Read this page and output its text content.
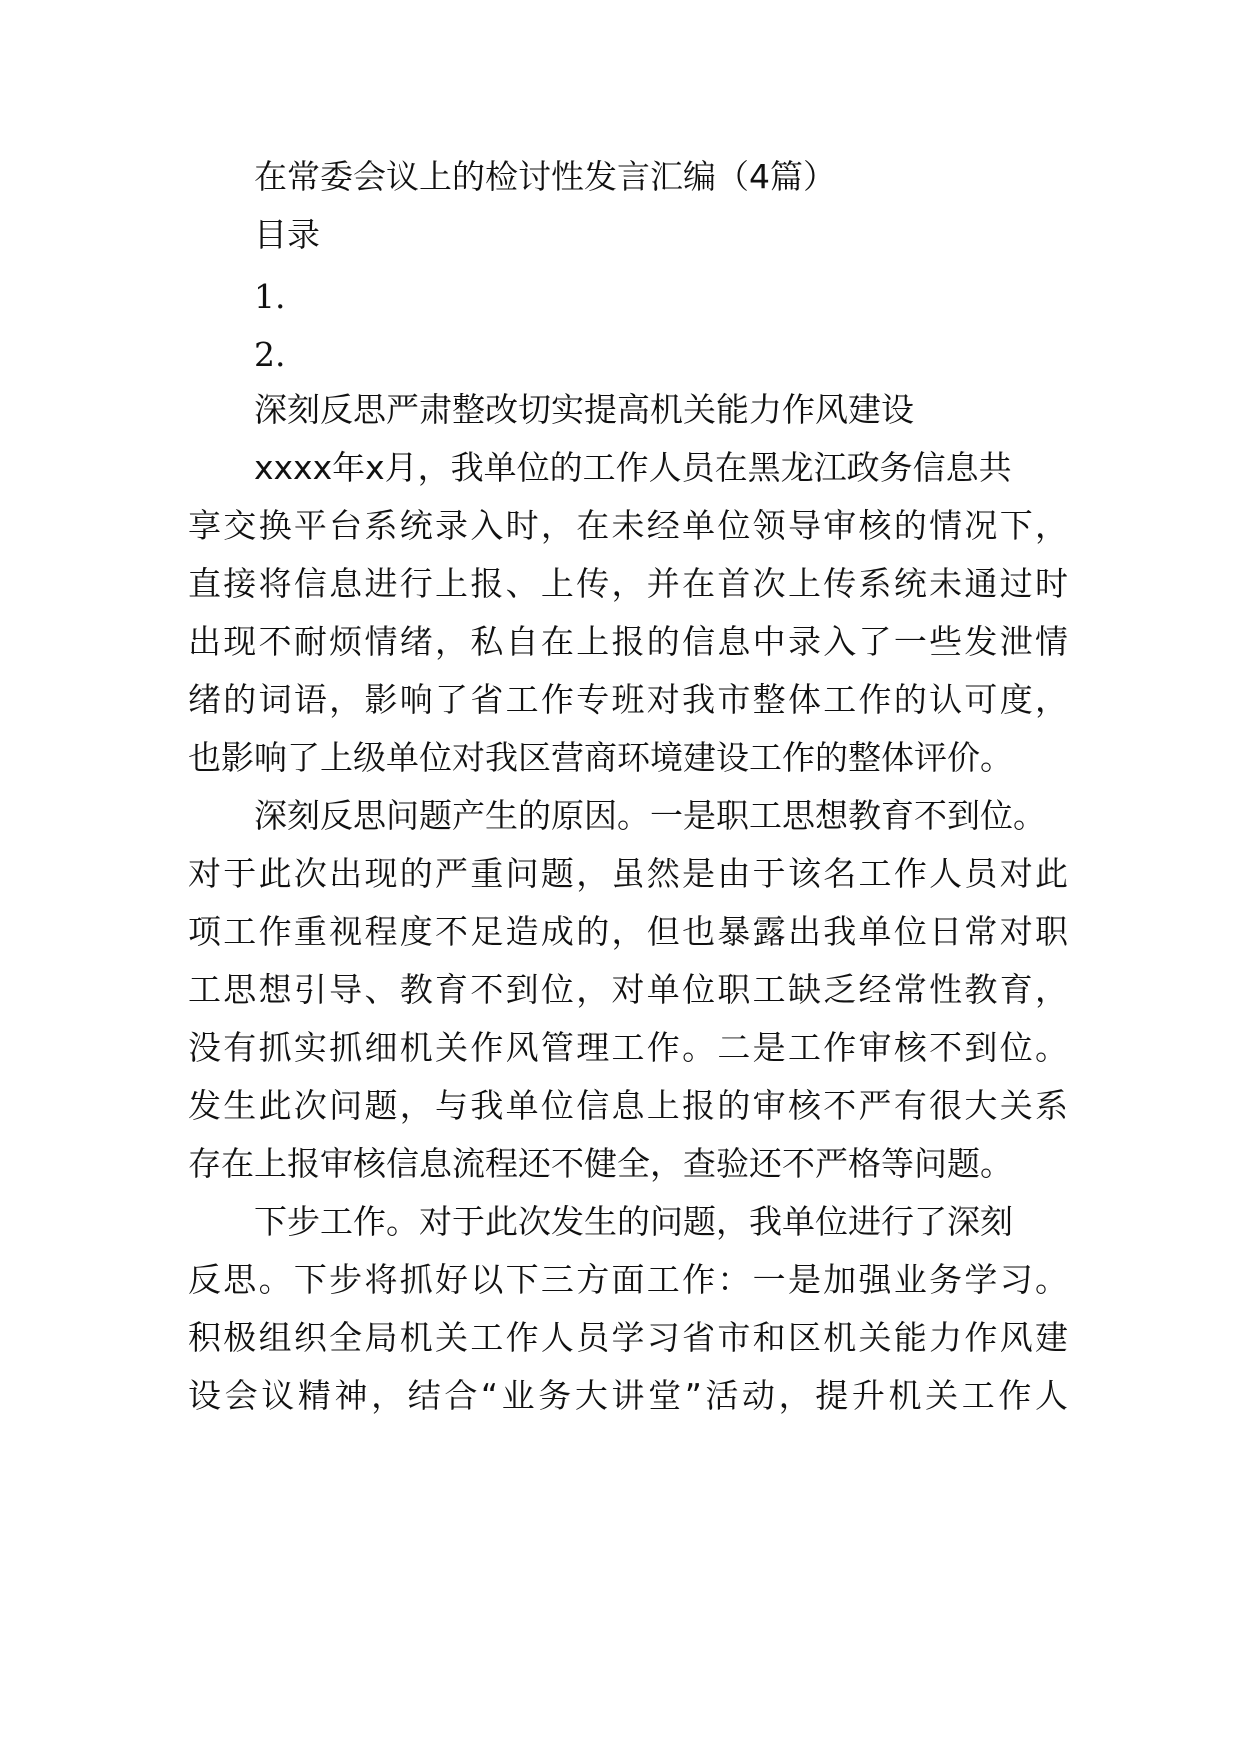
在常委会议上的检讨性发言汇编（4篇）
目录
1.
2.
深刻反思严肃整改切实提高机关能力作风建设
xxxx年x月，我单位的工作人员在黑龙江政务信息共
享交换平台系统录入时，在未经单位领导审核的情况下，
直接将信息进行上报、上传，并在首次上传系统未通过时
出现不耐烦情绪，私自在上报的信息中录入了一些发泄情
绪的词语，影响了省工作专班对我市整体工作的认可度，
也影响了上级单位对我区营商环境建设工作的整体评价。
深刻反思问题产生的原因。一是职工思想教育不到位。
对于此次出现的严重问题，虽然是由于该名工作人员对此
项工作重视程度不足造成的，但也暴露出我单位日常对职
工思想引导、教育不到位，对单位职工缺乏经常性教育，
没有抓实抓细机关作风管理工作。二是工作审核不到位。
发生此次问题，与我单位信息上报的审核不严有很大关系
存在上报审核信息流程还不健全，查验还不严格等问题。
下步工作。对于此次发生的问题，我单位进行了深刻
反思。下步将抓好以下三方面工作：一是加强业务学习。
积极组织全局机关工作人员学习省市和区机关能力作风建
设会议精神，结合“业务大讲堂”活动，提升机关工作人
